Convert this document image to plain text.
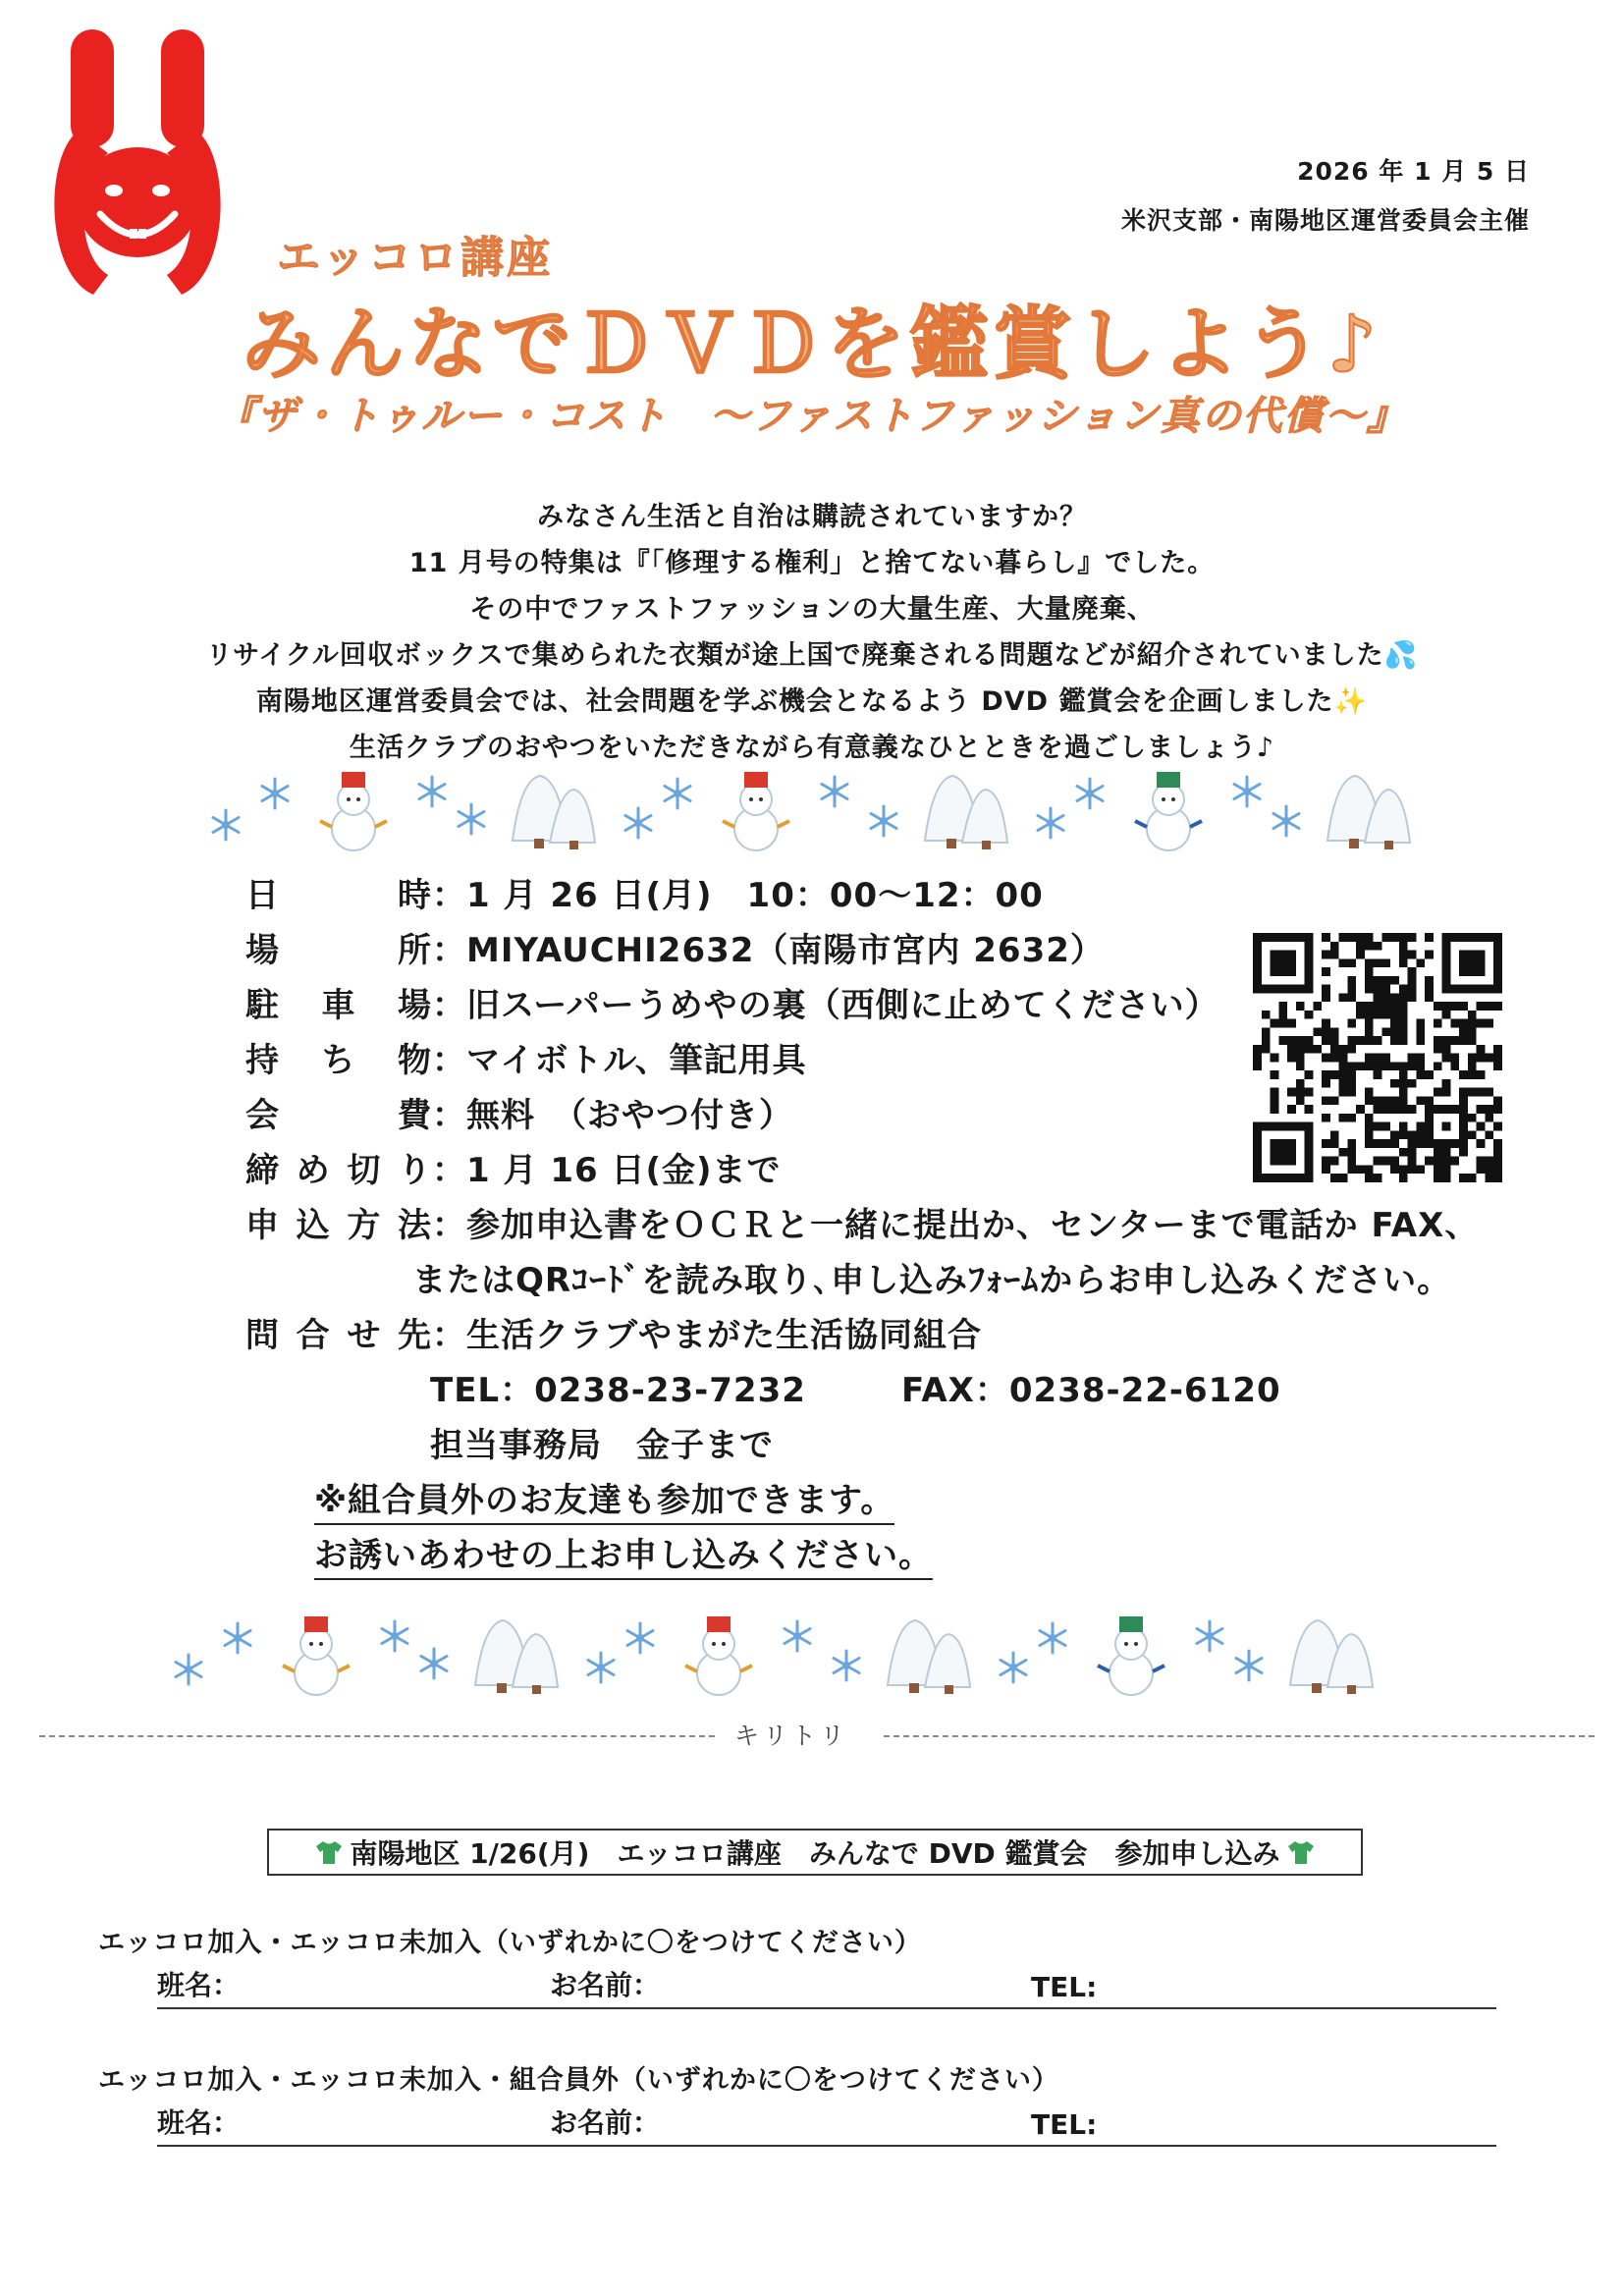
2026 年 1 月 5 日
米沢支部・南陽地区運営委員会主催
エッコロ講座
みんなでＤＶＤを鑑賞しよう♪
『ザ・トゥルー・コスト　～ファストファッション真の代償～』
みなさん生活と自治は購読されていますか？
11 月号の特集は『「修理する権利」と捨てない暮らし』でした。
その中でファストファッションの大量生産、大量廃棄、
リサイクル回収ボックスで集められた衣類が途上国で廃棄される問題などが紹介されていました💦
南陽地区運営委員会では、社会問題を学ぶ機会となるよう DVD 鑑賞会を企画しました✨
生活クラブのおやつをいただきながら有意義なひとときを過ごしましょう♪
日　時：1 月 26 日(月)　10：00～12：00
場　所：MIYAUCHI2632（南陽市宮内 2632）
駐 車 場：旧スーパーうめやの裏（西側に止めてください）
持 ち 物：マイボトル、筆記用具
会　費：無料　（おやつ付き）
締め切り：1 月 16 日(金)まで
申込方法：参加申込書をＯＣＲと一緒に提出か、センターまで電話か FAX、
またはQRｺｰﾄﾞを読み取り､申し込みﾌｫｰﾑからお申し込みください。
問合せ先：生活クラブやまがた生活協同組合
TEL：0238-23-7232	FAX：0238-22-6120
担当事務局　金子まで
※組合員外のお友達も参加できます。
お誘いあわせの上お申し込みください。
キリトリ
南陽地区 1/26(月)　エッコロ講座　みんなで DVD 鑑賞会　参加申し込み
エッコロ加入・エッコロ未加入（いずれかに〇をつけてください）
班名：	お名前：	TEL:
エッコロ加入・エッコロ未加入・組合員外（いずれかに〇をつけてください）
班名：	お名前：	TEL:
